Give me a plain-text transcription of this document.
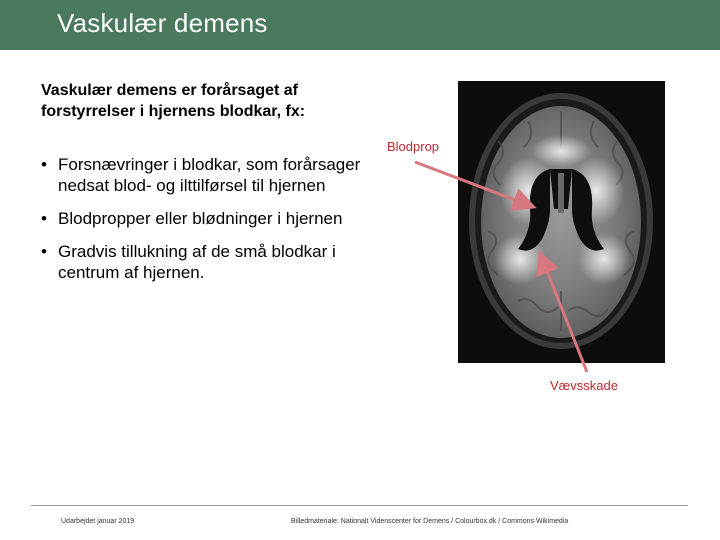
Vaskulær demens
Vaskulær demens er forårsaget af forstyrrelser i hjernens blodkar, fx:
• Forsnævringer i blodkar, som forårsager nedsat blod- og ilttilførsel til hjernen
• Blodpropper eller blødninger i hjernen
• Gradvis tillukning af de små blodkar i centrum af hjernen.
Blodprop
Vævsskade
Udarbejdet januar 2019	Billedmateriale: Nationalt Videnscenter for Demens / Colourbox.dk / Commons Wikimedia
